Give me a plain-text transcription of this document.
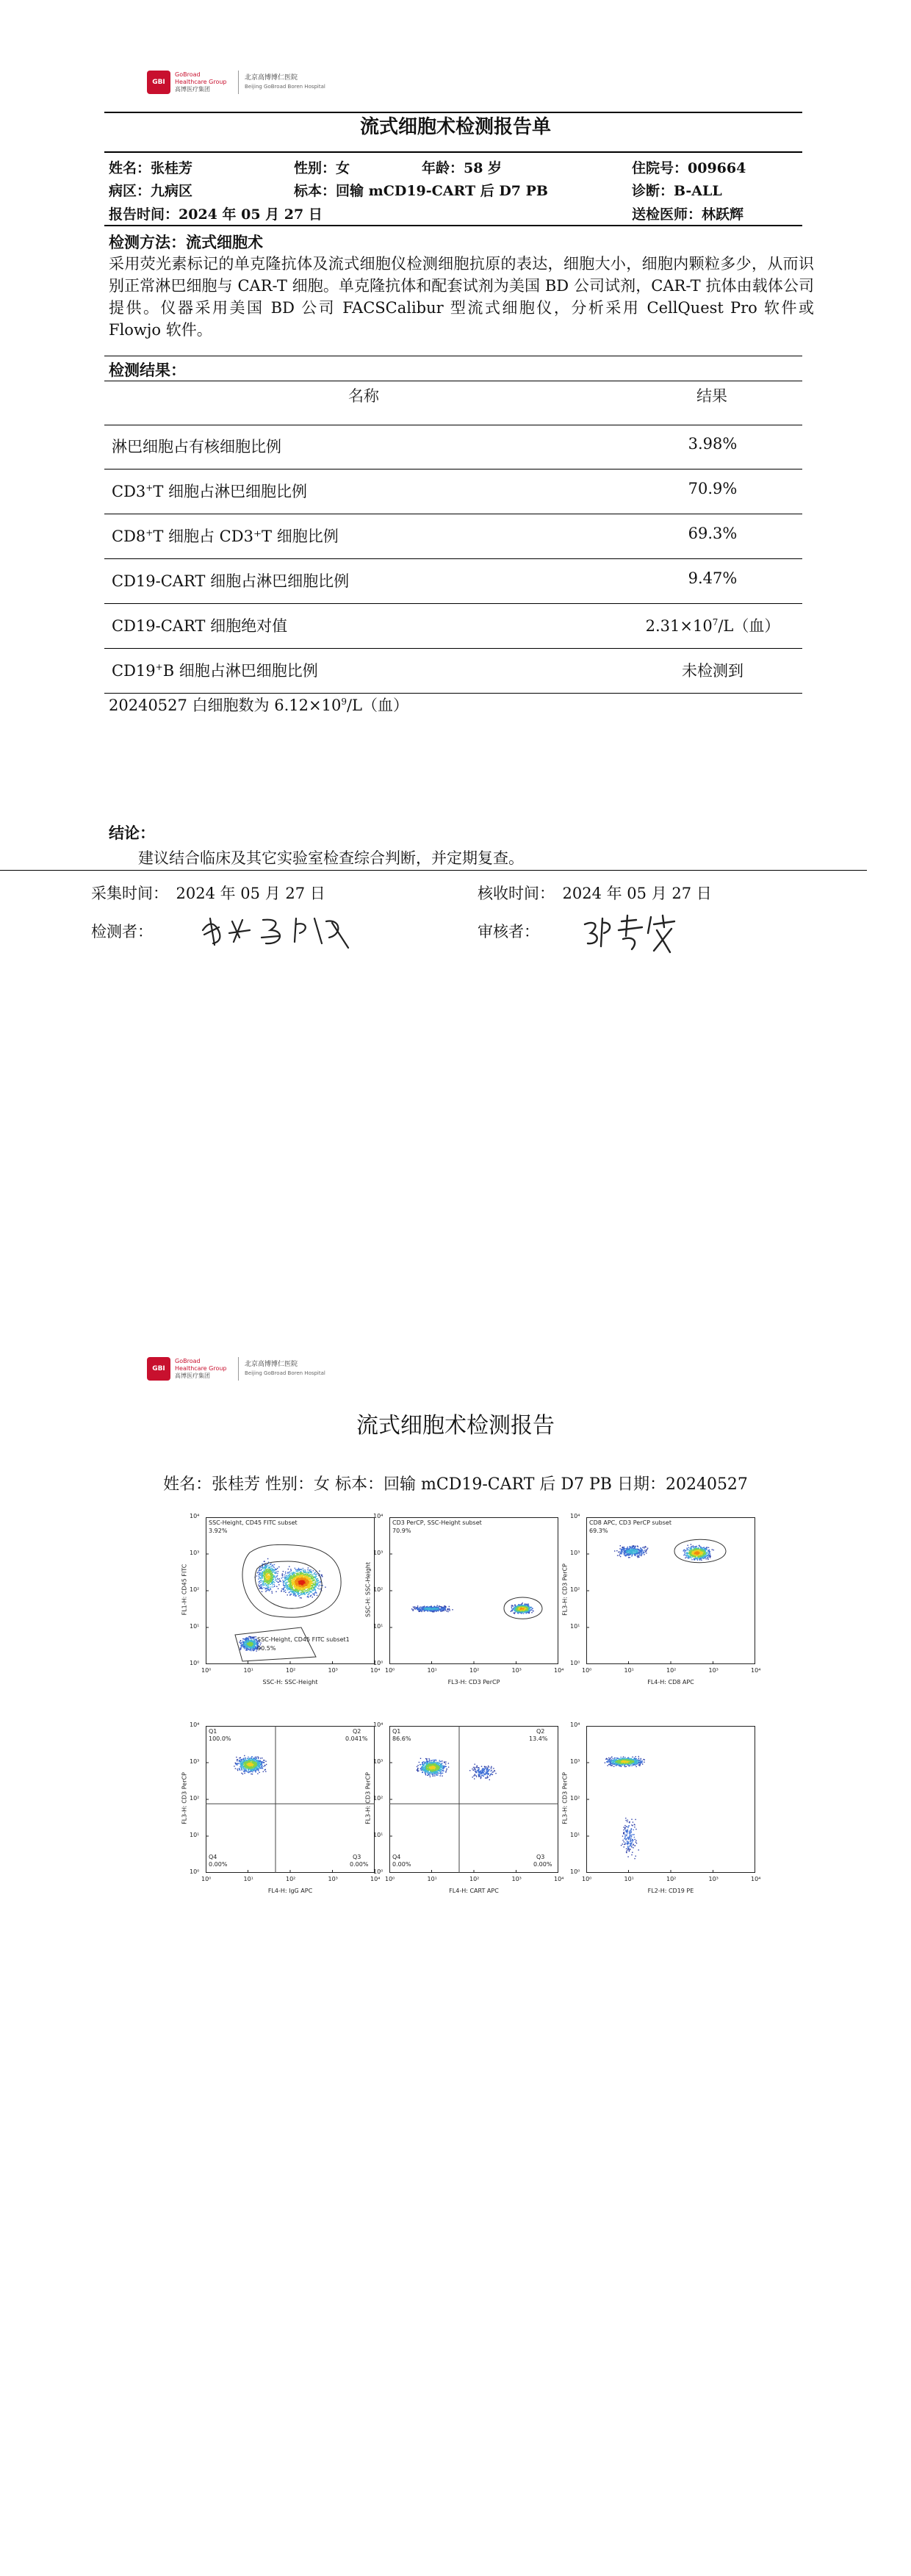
GBI
GoBroad
Healthcare Group
高博医疗集团
北京高博博仁医院
Beijing GoBroad Boren Hospital
流式细胞术检测报告单
姓名：张桂芳	性别：女	年龄：58 岁	住院号：009664
病区：九病区	标本：回输 mCD19-CART 后 D7 PB	诊断：B-ALL
报告时间：2024 年 05 月 27 日	送检医师：林跃辉
检测方法：流式细胞术
采用荧光素标记的单克隆抗体及流式细胞仪检测细胞抗原的表达，细胞大小，细胞内颗粒多少，从而识别正常淋巴细胞与 CAR-T 细胞。单克隆抗体和配套试剂为美国 BD 公司试剂，CAR-T 抗体由载体公司提供。仪器采用美国 BD 公司 FACSCalibur 型流式细胞仪，分析采用 CellQuest Pro 软件或 Flowjo 软件。
检测结果：
名称	结果
淋巴细胞占有核细胞比例	3.98%
CD3+T 细胞占淋巴细胞比例	70.9%
CD8+T 细胞占 CD3⁺T 细胞比例	69.3%
CD19-CART 细胞占淋巴细胞比例	9.47%
CD19-CART 细胞绝对值	$2.31\times 10^7/L$（血）
CD19+B 细胞占淋巴细胞比例	未检测到
20240527 白细胞数为 $6.12\times 10^9/L$（血）
结论：
建议结合临床及其它实验室检查综合判断，并定期复查。
采集时间：　2024 年 05 月 27 日	核收时间：　2024 年 05 月 27 日
检测者：	审核者：
GBI
GoBroad
Healthcare Group
高博医疗集团
北京高博博仁医院
Beijing GoBroad Boren Hospital
流式细胞术检测报告
姓名：张桂芳 性别：女 标本：回输 mCD19-CART 后 D7 PB 日期：20240527
SSC-Height, CD45 FITC subset
3.92%
SSC-Height, CD45 FITC subset1
90.5%
10⁰
10⁰
10¹
10¹
10²
10²
10³
10³
10⁴
10⁴
SSC-H: SSC-Height
FL1-H: CD45 FITC
CD3 PerCP, SSC-Height subset
70.9%
10⁰
10⁰
10¹
10¹
10²
10²
10³
10³
10⁴
10⁴
FL3-H: CD3 PerCP
SSC-H: SSC-Height
CD8 APC, CD3 PerCP subset
69.3%
10⁰
10⁰
10¹
10¹
10²
10²
10³
10³
10⁴
10⁴
FL4-H: CD8 APC
FL3-H: CD3 PerCP
Q1
100.0%
Q2
0.041%
Q4
0.00%
Q3
0.00%
10⁰
10⁰
10¹
10¹
10²
10²
10³
10³
10⁴
10⁴
FL4-H: IgG APC
FL3-H: CD3 PerCP
Q1
86.6%
Q2
13.4%
Q4
0.00%
Q3
0.00%
10⁰
10⁰
10¹
10¹
10²
10²
10³
10³
10⁴
10⁴
FL4-H: CART APC
FL3-H: CD3 PerCP
10⁰
10⁰
10¹
10¹
10²
10²
10³
10³
10⁴
10⁴
FL2-H: CD19 PE
FL3-H: CD3 PerCP
